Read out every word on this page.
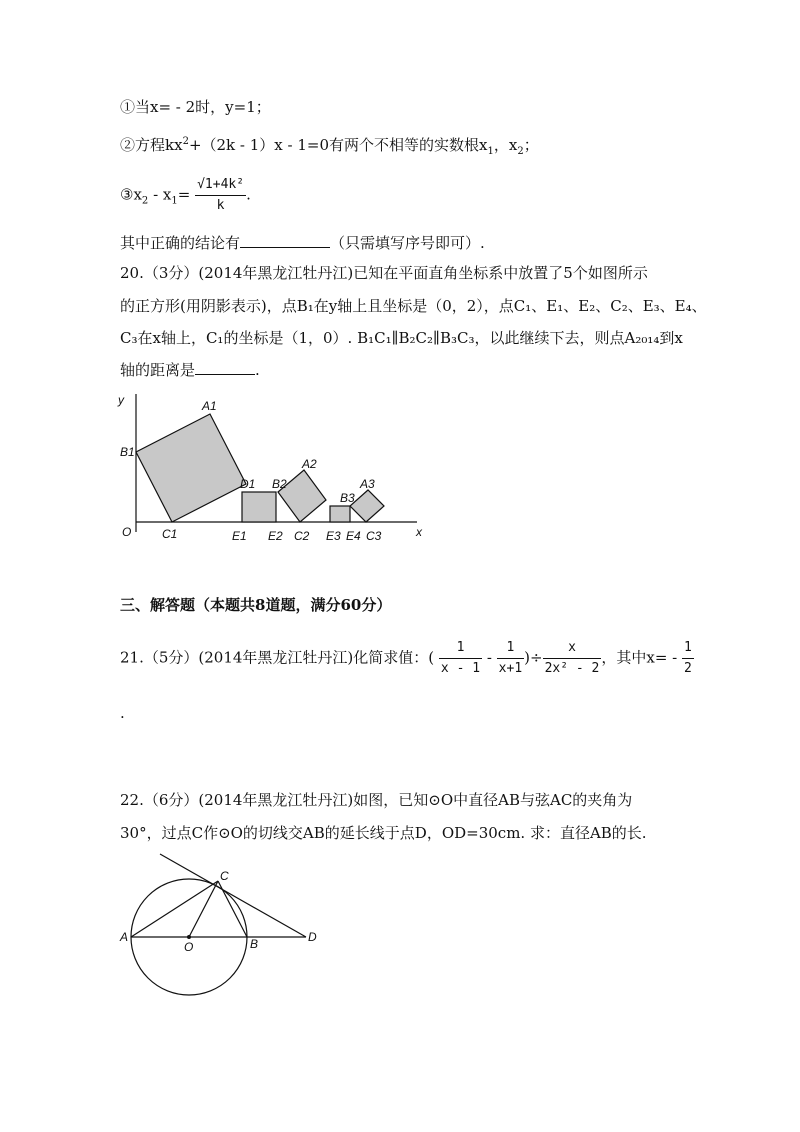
①当x= - 2时，y=1；
②方程$kx^2+(2k - 1)x - 1=0$有两个不相等的实数根$x_1$，$x_2$；
$③x_2 - x_1= \frac{\text{√1+4k²}}{k}$ .
其中正确的结论有	（只需填写序号即可）.
20.（3分）(2014年黑龙江牡丹江)已知在平面直角坐标系中放置了5个如图所示
的正方形(用阴影表示)，点B₁在y轴上且坐标是（0，2），点C₁、E₁、E₂、C₂、E₃、E₄、
C₃在x轴上，C₁的坐标是（1，0）. B₁C₁∥B₂C₂∥B₃C₃，以此继续下去，则点A₂₀₁₄到x
轴的距离是	.
y
x
O
B1
A1
C1
D1
E1 E2
B2
A2
C2 E3 E4
B3
A3
C3
三、解答题（本题共8道题，满分60分）
21.（5分）(2014年黑龙江牡丹江)化简求值：( $\frac{1}{x - 1} - \frac{1}{x+1}$ )÷ $\frac{x}{\text{2x² - 2}}$ ，其中$x= - \frac{1}{2}$
.
22.（6分）(2014年黑龙江牡丹江)如图，已知⊙O中直径AB与弦AC的夹角为
30°，过点C作⊙O的切线交AB的延长线于点D，OD=30cm. 求：直径AB的长.
A
O	B
C
D
